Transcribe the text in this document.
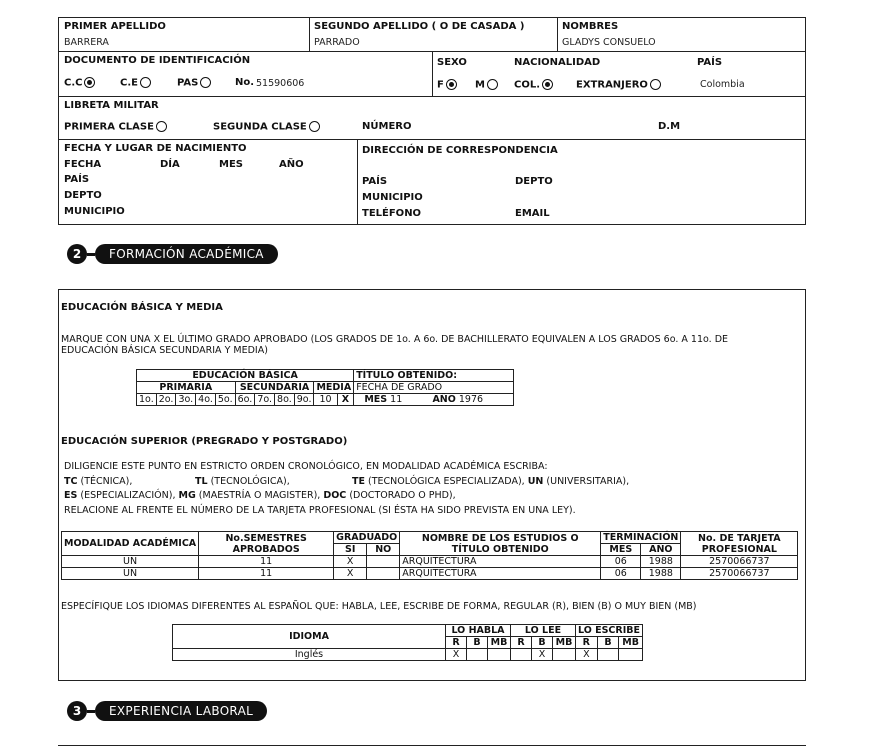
PRIMER APELLIDO
BARRERA
SEGUNDO APELLIDO ( O DE CASADA )
PARRADO
NOMBRES
GLADYS CONSUELO
DOCUMENTO DE IDENTIFICACIÓN
C.C	C.E	PAS	No. 51590606
SEXO
F	M
NACIONALIDAD
COL.	EXTRANJERO
PAÍS
Colombia
LIBRETA MILITAR
PRIMERA CLASE	SEGUNDA CLASE	NÚMERO	D.M
FECHA Y LUGAR DE NACIMIENTO
FECHA	DÍA	MES	AÑO
PAÍS
DEPTO
MUNICIPIO
DIRECCIÓN DE CORRESPONDENCIA
PAÍS	DEPTO
MUNICIPIO
TELÉFONO	EMAIL
2	FORMACIÓN ACADÉMICA
EDUCACIÓN BÁSICA Y MEDIA
MARQUE CON UNA X EL ÚLTIMO GRADO APROBADO (LOS GRADOS DE 1o. A 6o. DE BACHILLERATO EQUIVALEN A LOS GRADOS 6o. A 11o. DE
EDUCACIÓN BÁSICA SECUNDARIA Y MEDIA)
EDUCACIÓN BÁSICA											TÍTULO OBTENIDO:	
PRIMARIA					SECUNDARIA				MEDIA		FECHA DE GRADO	
1o.	2o.	3o.	4o.	5o.	6o.	7o.	8o.	9o.	10	X	MES 11	AÑO 1976
EDUCACIÓN SUPERIOR (PREGRADO Y POSTGRADO)
DILIGENCIE ESTE PUNTO EN ESTRICTO ORDEN CRONOLÓGICO, EN MODALIDAD ACADÉMICA ESCRIBA:
TC (TÉCNICA),	TL (TECNOLÓGICA),	TE (TECNOLÓGICA ESPECIALIZADA), UN (UNIVERSITARIA),
ES (ESPECIALIZACIÓN), MG (MAESTRÍA O MAGISTER), DOC (DOCTORADO O PHD),
RELACIONE AL FRENTE EL NÚMERO DE LA TARJETA PROFESIONAL (SI ÉSTA HA SIDO PREVISTA EN UNA LEY).
MODALIDAD ACADÉMICA	No.SEMESTRES APROBADOS	GRADUADO		NOMBRE DE LOS ESTUDIOS O TÍTULO OBTENIDO	TERMINACIÓN		No. DE TARJETA PROFESIONAL
		SI	NO		MES	AÑO	
UN	11	X		ARQUITECTURA	06	1988	2570066737
UN	11	X		ARQUITECTURA	06	1988	2570066737
ESPECÍFIQUE LOS IDIOMAS DIFERENTES AL ESPAÑOL QUE: HABLA, LEE, ESCRIBE DE FORMA, REGULAR (R), BIEN (B) O MUY BIEN (MB)
IDIOMA	LO HABLA			LO LEE			LO ESCRIBE		
	R	B	MB	R	B	MB	R	B	MB
Inglés	X				X		X		
3	EXPERIENCIA LABORAL
